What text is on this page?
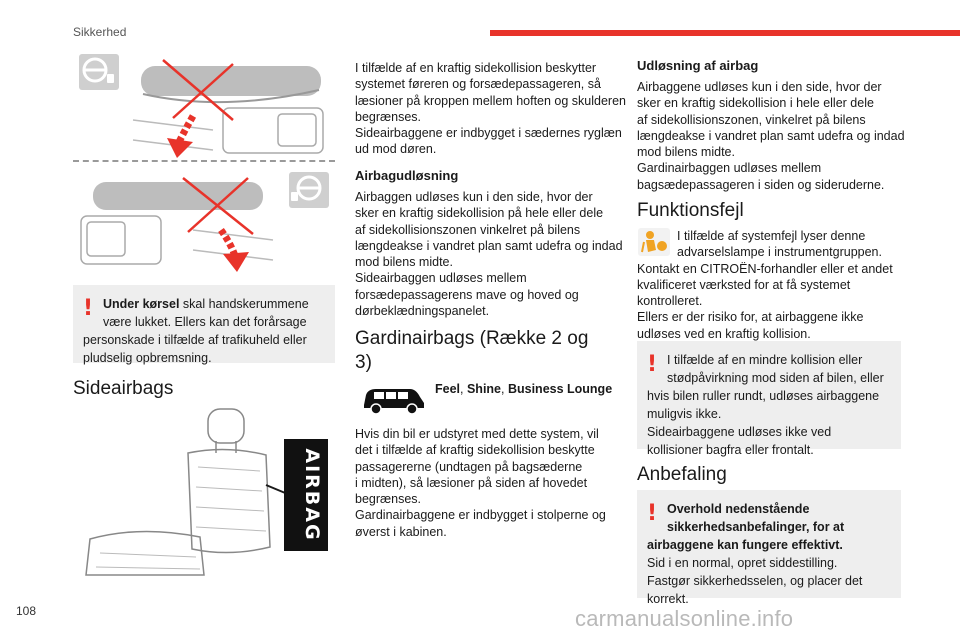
Sikkerhed
! Under kørsel skal handskerummene være lukket. Ellers kan det forårsage personskade i tilfælde af trafikuheld eller pludselig opbremsning.
Sideairbags
AIRBAG

I tilfælde af en kraftig sidekollision beskytter

systemet føreren og forsædepassageren, så

læsioner på kroppen mellem hoften og skulderen

begrænses.

Sideairbaggene er indbygget i sædernes ryglæn

ud mod døren.

Airbagudløsning

Airbaggen udløses kun i den side, hvor der

sker en kraftig sidekollision på hele eller dele

af sidekollisionszonen vinkelret på bilens

længdeakse i vandret plan samt udefra og indad

mod bilens midte.

Sideairbaggen udløses mellem

forsædepassagerens mave og hoved og

dørbeklædningspanelet.

Gardinairbags (Række 2 og
3)
Feel, Shine, Business Lounge

Hvis din bil er udstyret med dette system, vil

det i tilfælde af kraftig sidekollision beskytte

passagererne (undtagen på bagsæderne

i midten), så læsioner på siden af hovedet

begrænses.

Gardinairbaggene er indbygget i stolperne og

øverst i kabinen.

Udløsning af airbag

Airbaggene udløses kun i den side, hvor der

sker en kraftig sidekollision i hele eller dele

af sidekollisionszonen, vinkelret på bilens

længdeakse i vandret plan samt udefra og indad

mod bilens midte.

Gardinairbaggen udløses mellem

bagsædepassageren i siden og sideruderne.

Funktionsfejl

I tilfælde af systemfejl lyser denne

advarselslampe i instrumentgruppen.

Kontakt en CITROËN-forhandler eller et andet

kvalificeret værksted for at få systemet

kontrolleret.

Ellers er der risiko for, at airbaggene ikke

udløses ved en kraftig kollision.

! I tilfælde af en mindre kollision eller stødpåvirkning mod siden af bilen, eller hvis bilen ruller rundt, udløses airbaggene muligvis ikke.
Sideairbaggene udløses ikke ved kollisioner bagfra eller frontalt.
Anbefaling
! Overhold nedenstående sikkerhedsanbefalinger, for at airbaggene kan fungere effektivt.
Sid i en normal, opret siddestilling.
Fastgør sikkerhedsselen, og placer det korrekt.
108	carmanualsonline.info
